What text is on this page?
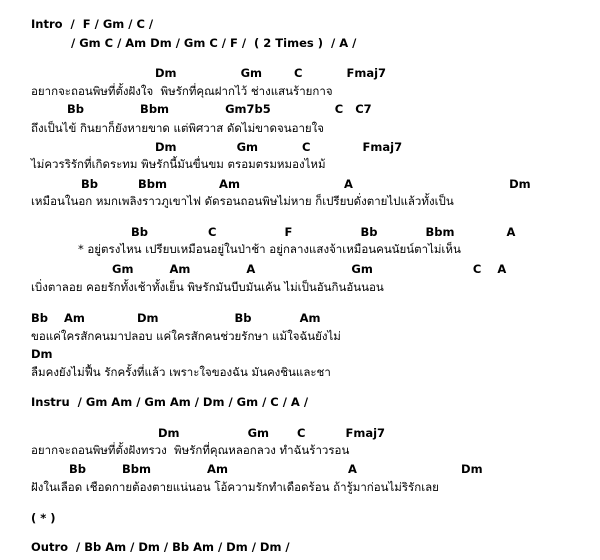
Intro  /  F / Gm / C /
/ Gm C / Am Dm / Gm C / F /  ( 2 Times )  / A /
Dm                Gm        C           Fmaj7
อยากจะถอนพิษที่ตั้งฝังใจ  พิษรักที่คุณฝากไว้ ช่างแสนร้ายกาจ
Bb              Bbm              Gm7b5                C   C7
ถึงเป็นไข้ กินยาก็ยังหายขาด แต่พิศวาส ดัดไม่ขาดจนอายใจ
Dm               Gm           C             Fmaj7
ไม่ควรริรักที่เกิดระทม พิษรักนี้มันขื่นขม ตรอมตรมหมองไหม้
Bb          Bbm             Am                          A                                       Dm
เหมือนในอก หมกเพลิงราวภูเขาไฟ ดัดรอนถอนพิษไม่หาย ก็เปรียบดั่งตายไปแล้วทั้งเป็น
Bb               C                 F                 Bb            Bbm             A
* อยู่ตรงไหน เปรียบเหมือนอยู่ในป่าช้า อยู่กลางแสงจ้าเหมือนคนนัยน์ตาไม่เห็น
Gm         Am              A                        Gm                         C    A
เบิ่งตาลอย คอยรักทั้งเช้าทั้งเย็น พิษรักมันบีบมันเค้น ไม่เป็นอันกินอันนอน
Bb    Am             Dm                   Bb            Am
ขอแค่ใครสักคนมาปลอบ แค่ใครสักคนช่วยรักษา แม้ใจฉันยังไม่
Dm
ลืมคงยังไม่ฟื้น รักครั้งที่แล้ว เพราะใจของฉัน มันคงชินและชา
Instru  / Gm Am / Gm Am / Dm / Gm / C / A /
Dm                 Gm       C          Fmaj7
อยากจะถอนพิษที่ตั้งฝังทรวง  พิษรักที่คุณหลอกลวง ทำฉันร้าวรอน
Bb         Bbm              Am                              A                          Dm
ฝังในเลือด เชือดกายต้องตายแน่นอน โอ้ความรักทำเดือดร้อน ถ้ารู้มาก่อนไม่ริรักเลย
( * )
Outro  / Bb Am / Dm / Bb Am / Dm / Dm /
